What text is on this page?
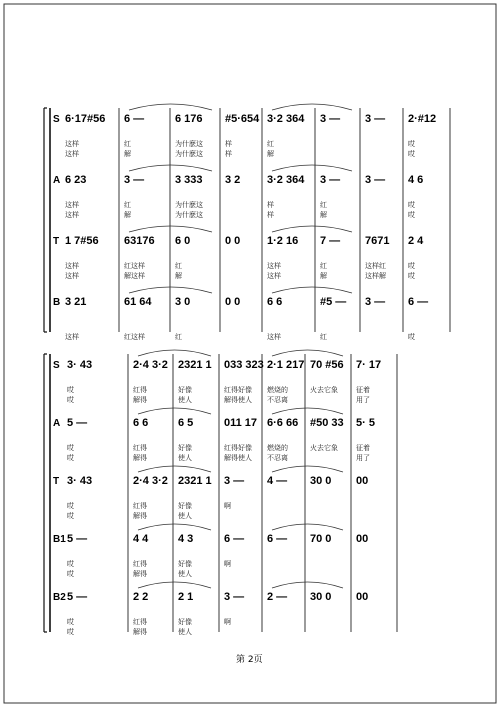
S 6·17#56
这样
这样
6 —
红
解
6 176
为什麽这
为什麽这
#5·654
样
样
3·2 364
红
解
3 — 3 — 2·#12
哎
哎
A 6 23
这样
这样
3 —
红
解
3 333
为什麽这
为什麽这
3 2 3·2 364
样
样
3 —
红
解
3 — 4 6
哎
哎
T 1 7#56
这样
这样
63176
红这样
解这样
6 0
红
解
0 0 1·2 16
这样
这样
7 —
红
解
7671
这样红
这样解
2 4
哎
哎
B 3 21
这样
61 64
红这样
3 0
红
0 0 6 6
这样
#5 —
红
3 — 6 —
哎
S 3· 43
哎
哎
2·4 3·2
红得
解得
2321 1
好像
使人
033 323
红得好像
解得使人
2·1 217
燃烧的
不忍离
70 #56
火去它象
7· 17
征着
用了
A 5 —
哎
哎
6 6
红得
解得
6 5
好像
使人
011 17
红得好像
解得使人
6·6 66
燃烧的
不忍离
#50 33
火去它象
5· 5
征着
用了
T 3· 43
哎
哎
2·4 3·2
红得
解得
2321 1
好像
使人
3 —
啊
4 — 30 0 00
B1 5 —
哎
哎
4 4
红得
解得
4 3
好像
使人
6 —
啊
6 — 70 0 00
B2 5 —
哎
哎
2 2
红得
解得
2 1
好像
使人
3 —
啊
2 — 30 0 00
第 2页
